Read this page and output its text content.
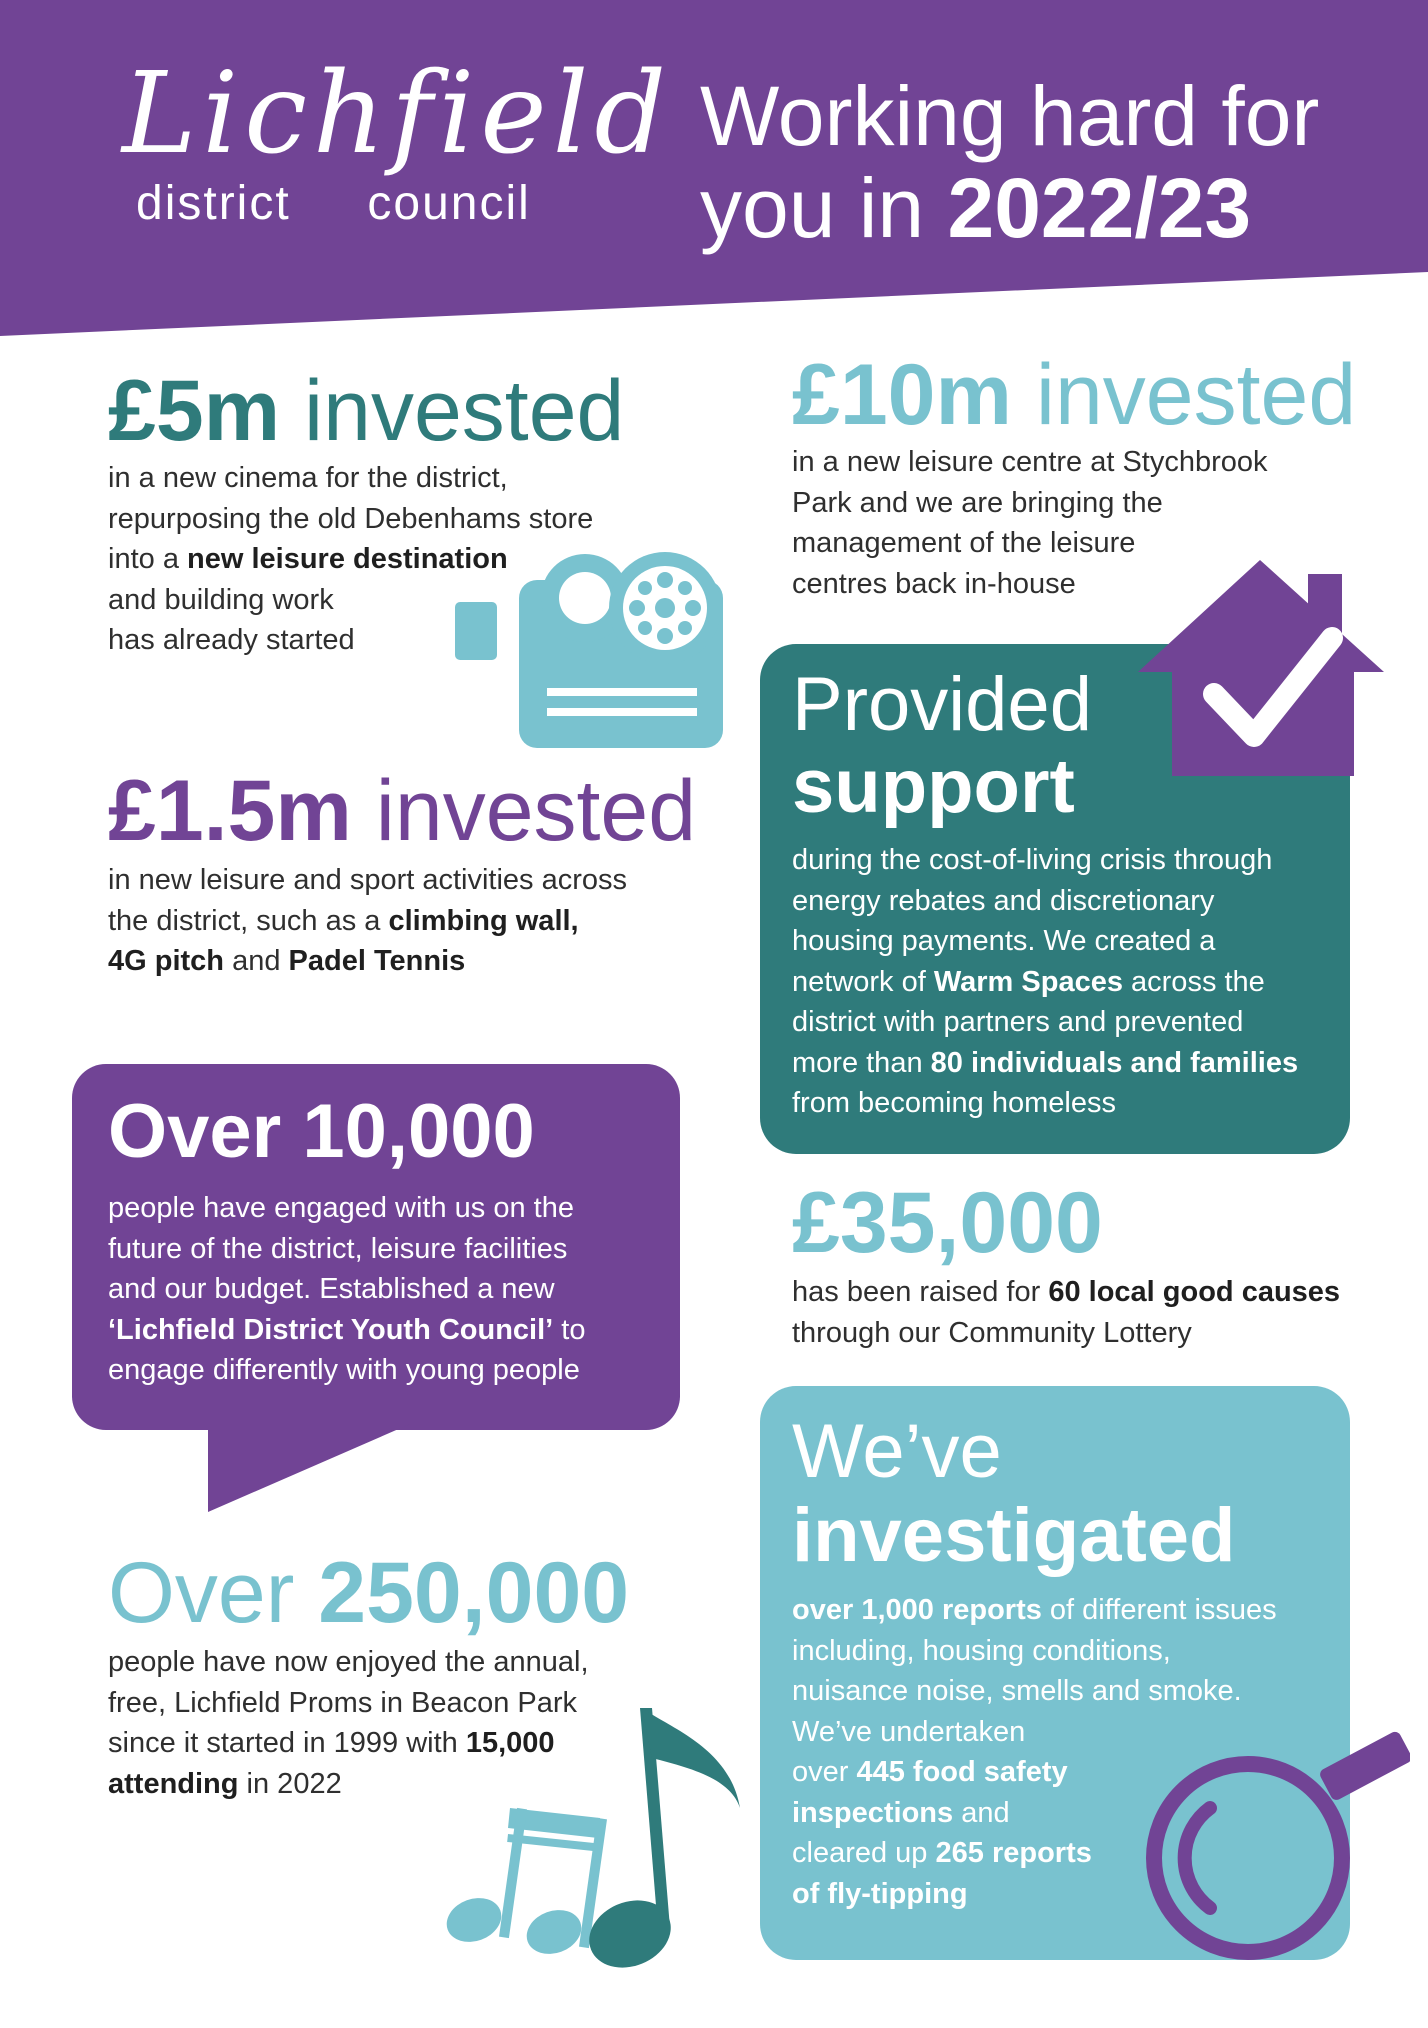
Lichfield
district council
Working hard for
you in 2022/23
£5m invested
in a new cinema for the district,
repurposing the old Debenhams store
into a new leisure destination
and building work
has already started
£10m invested
in a new leisure centre at Stychbrook
Park and we are bringing the
management of the leisure
centres back in-house
Provided
support
during the cost-of-living crisis through
energy rebates and discretionary
housing payments. We created a
network of Warm Spaces across the
district with partners and prevented
more than 80 individuals and families
from becoming homeless
£1.5m invested
in new leisure and sport activities across
the district, such as a climbing wall,
4G pitch and Padel Tennis
Over 10,000
people have engaged with us on the
future of the district, leisure facilities
and our budget. Established a new
‘Lichfield District Youth Council’ to
engage differently with young people
£35,000
has been raised for 60 local good causes
through our Community Lottery
We’ve
investigated
over 1,000 reports of different issues
including, housing conditions,
nuisance noise, smells and smoke.
We’ve undertaken
over 445 food safety
inspections and
cleared up 265 reports
of fly-tipping
Over 250,000
people have now enjoyed the annual,
free, Lichfield Proms in Beacon Park
since it started in 1999 with 15,000
attending in 2022
